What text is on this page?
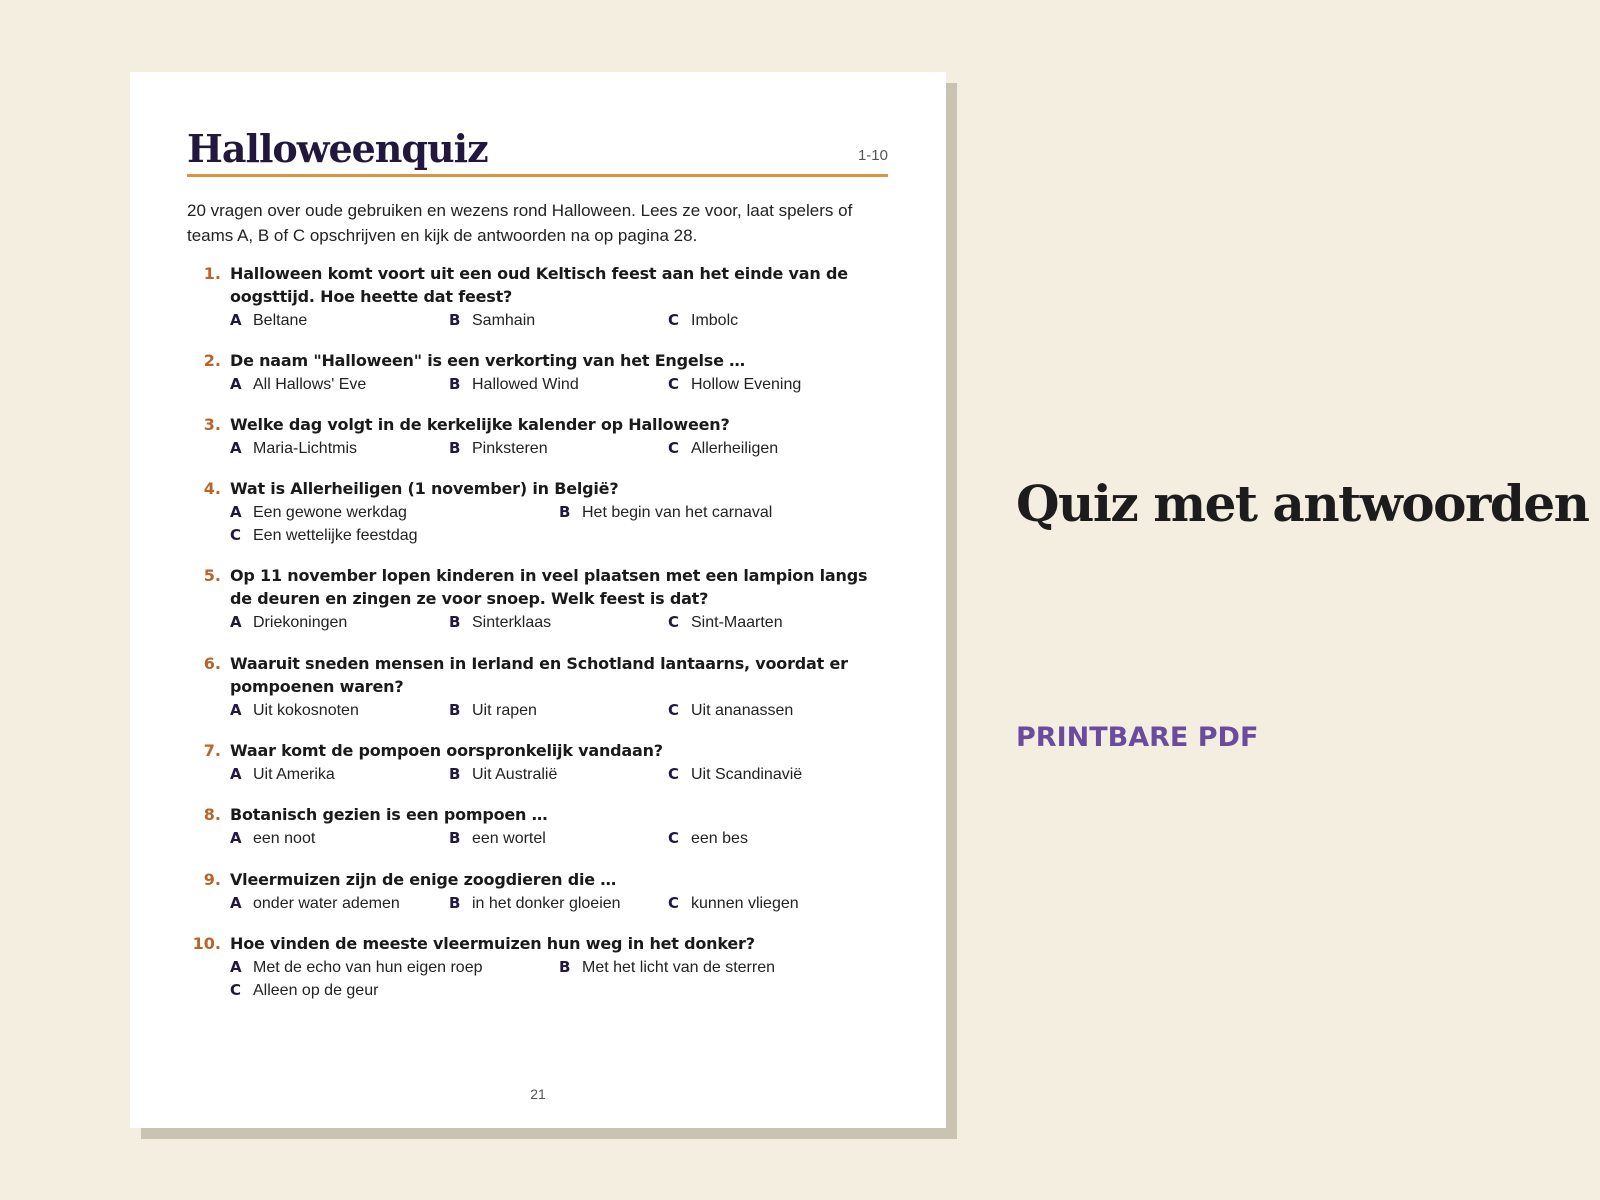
Halloweenquiz	1-10
20 vragen over oude gebruiken en wezens rond Halloween. Lees ze voor, laat spelers of teams A, B of C opschrijven en kijk de antwoorden na op pagina 28.
1. Halloween komt voort uit een oud Keltisch feest aan het einde van de oogsttijd. Hoe heette dat feest?
A Beltane	B Samhain	C Imbolc
2. De naam "Halloween" is een verkorting van het Engelse …
A All Hallows' Eve	B Hallowed Wind	C Hollow Evening
3. Welke dag volgt in de kerkelijke kalender op Halloween?
A Maria-Lichtmis	B Pinksteren	C Allerheiligen
4. Wat is Allerheiligen (1 november) in België?
A Een gewone werkdag	B Het begin van het carnaval
C Een wettelijke feestdag
5. Op 11 november lopen kinderen in veel plaatsen met een lampion langs de deuren en zingen ze voor snoep. Welk feest is dat?
A Driekoningen	B Sinterklaas	C Sint-Maarten
6. Waaruit sneden mensen in Ierland en Schotland lantaarns, voordat er pompoenen waren?
A Uit kokosnoten	B Uit rapen	C Uit ananassen
7. Waar komt de pompoen oorspronkelijk vandaan?
A Uit Amerika	B Uit Australië	C Uit Scandinavië
8. Botanisch gezien is een pompoen …
A een noot	B een wortel	C een bes
9. Vleermuizen zijn de enige zoogdieren die …
A onder water ademen	B in het donker gloeien	C kunnen vliegen
10. Hoe vinden de meeste vleermuizen hun weg in het donker?
A Met de echo van hun eigen roep	B Met het licht van de sterren
C Alleen op de geur
21
Quiz met antwoorden
PRINTBARE PDF
